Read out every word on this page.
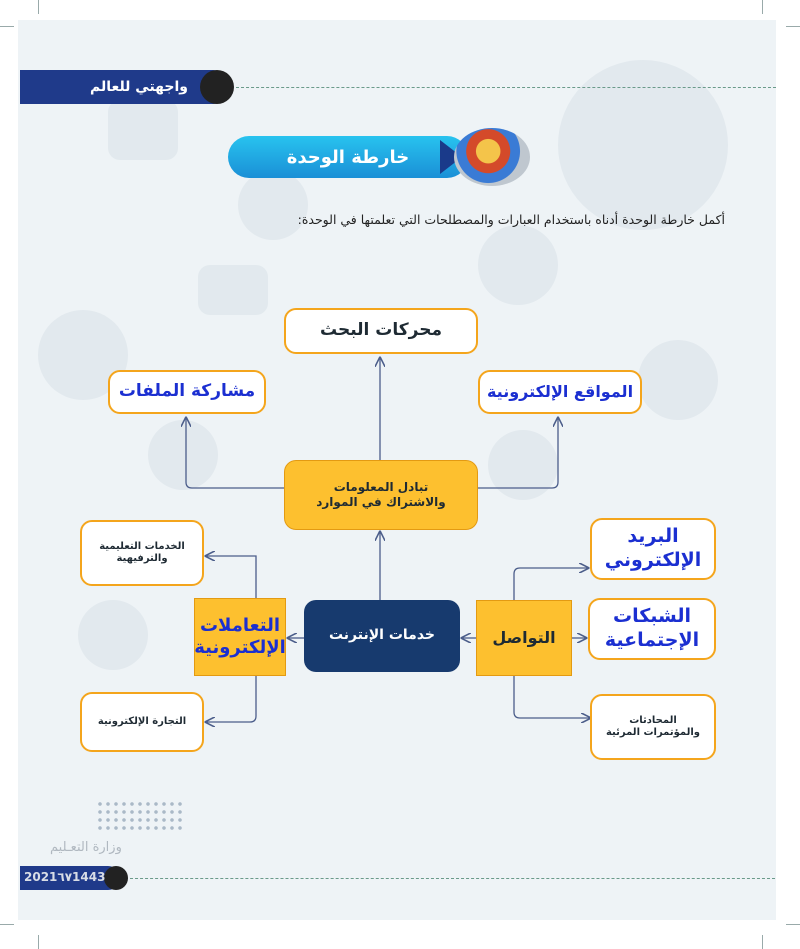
واجهتي للعالم
خارطة الوحدة
أكمل خارطة الوحدة أدناه باستخدام العبارات والمصطلحات التي تعلمتها في الوحدة:
محركات البحث
مشاركة الملفات	المواقع الإلكترونية
تبادل المعلومات والاشتراك في الموارد
الخدمات التعليمية والترفيهية
البريد الإلكتروني
التعاملات الإلكترونية
خدمات الإنترنت	التواصل
الشبكات الإجتماعية
التجارة الإلكترونية	المحادثات والمؤتمرات المرئية
وزارة التعـليم
2021٦٧1443
